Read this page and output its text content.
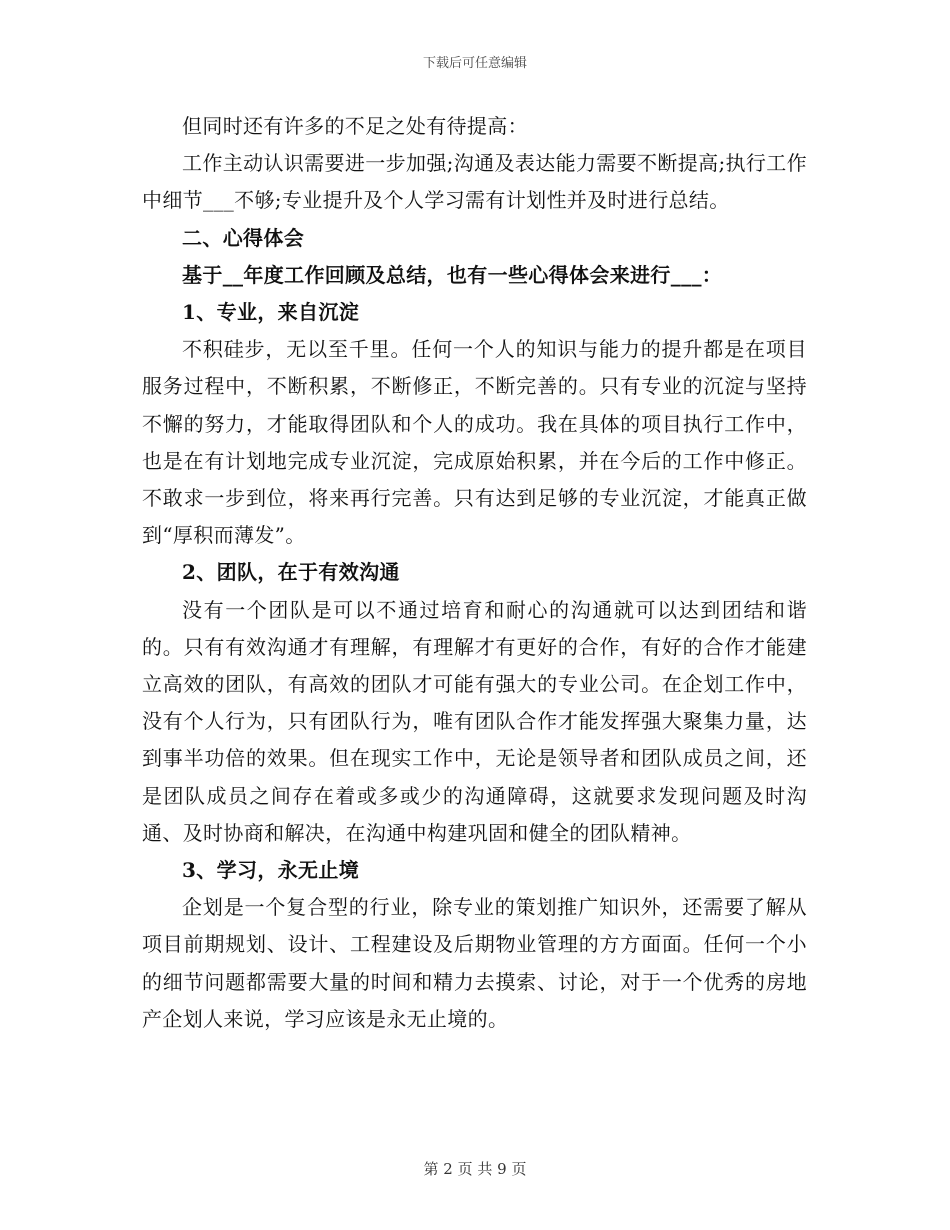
下载后可任意编辑

但同时还有许多的不足之处有待提高：

工作主动认识需要进一步加强;沟通及表达能力需要不断提高;执行工作中细节___不够;专业提升及个人学习需有计划性并及时进行总结。

二、心得体会

基于__年度工作回顾及总结，也有一些心得体会来进行___：

1、专业，来自沉淀

不积硅步，无以至千里。任何一个人的知识与能力的提升都是在项目服务过程中，不断积累，不断修正，不断完善的。只有专业的沉淀与坚持不懈的努力，才能取得团队和个人的成功。我在具体的项目执行工作中，也是在有计划地完成专业沉淀，完成原始积累，并在今后的工作中修正。不敢求一步到位，将来再行完善。只有达到足够的专业沉淀，才能真正做到“厚积而薄发”。

2、团队，在于有效沟通

没有一个团队是可以不通过培育和耐心的沟通就可以达到团结和谐的。只有有效沟通才有理解，有理解才有更好的合作，有好的合作才能建立高效的团队，有高效的团队才可能有强大的专业公司。在企划工作中，没有个人行为，只有团队行为，唯有团队合作才能发挥强大聚集力量，达到事半功倍的效果。但在现实工作中，无论是领导者和团队成员之间，还是团队成员之间存在着或多或少的沟通障碍，这就要求发现问题及时沟通、及时协商和解决，在沟通中构建巩固和健全的团队精神。

3、学习，永无止境

企划是一个复合型的行业，除专业的策划推广知识外，还需要了解从项目前期规划、设计、工程建设及后期物业管理的方方面面。任何一个小的细节问题都需要大量的时间和精力去摸索、讨论，对于一个优秀的房地产企划人来说，学习应该是永无止境的。

第 2 页 共 9 页
